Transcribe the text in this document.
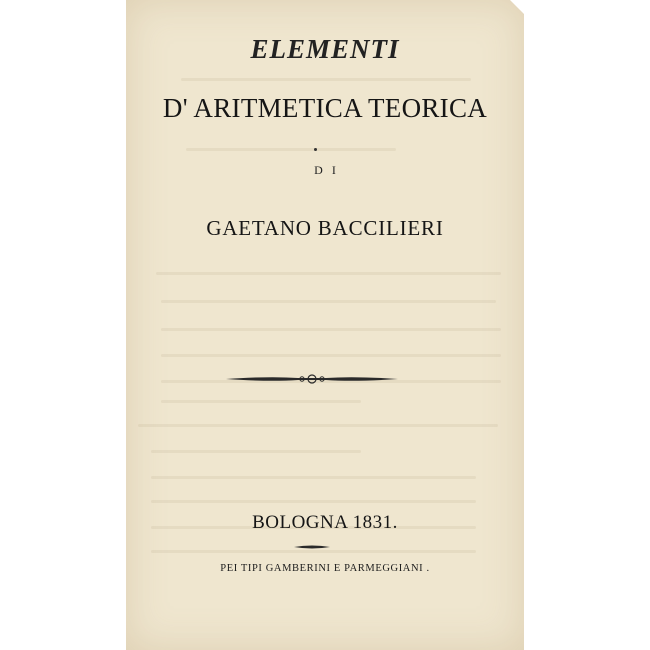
ELEMENTI
D' ARITMETICA TEORICA
DI
GAETANO BACCILIERI
BOLOGNA 1831.
PEI TIPI GAMBERINI E PARMEGGIANI .
